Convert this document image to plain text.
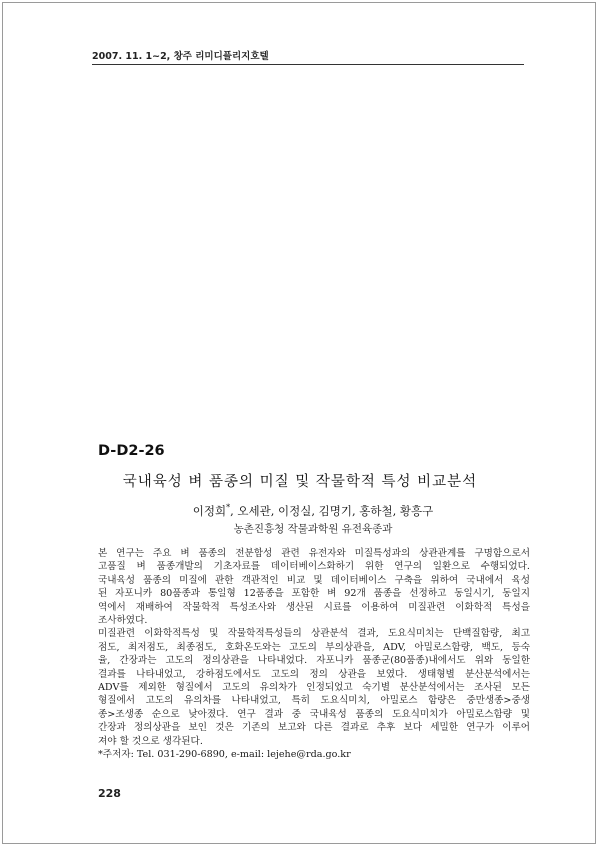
2007. 11. 1~2, 창주 리미디플리지호텔
D-D2-26
국내육성 벼 품종의 미질 및 작물학적 특성 비교분석
이정희*, 오세관, 이정실, 김명기, 홍하철, 황흥구
농촌진흥청 작물과학원 유전육종과
본 연구는 주요 벼 품종의 전분합성 관련 유전자와 미질특성과의 상관관계를 구명함으로서
고품질 벼 품종개발의 기초자료를 데이터베이스화하기 위한 연구의 일환으로 수행되었다.
국내육성 품종의 미질에 관한 객관적인 비교 및 데이터베이스 구축을 위하여 국내에서 육성
된 자포니카 80품종과 통일형 12품종을 포함한 벼 92개 품종을 선정하고 동일시기, 동일지
역에서 재배하여 작물학적 특성조사와 생산된 시료를 이용하여 미질관련 이화학적 특성을
조사하였다.
미질관련 이화학적특성 및 작물학적특성들의 상관분석 결과, 도요식미치는 단백질함량, 최고
점도, 최저점도, 최종점도, 호화온도와는 고도의 부의상관을, ADV, 아밀로스함량, 백도, 등숙
율, 간장과는 고도의 정의상관을 나타내었다. 자포니카 품종군(80품종)내에서도 위와 동일한
결과를 나타내었고, 강하점도에서도 고도의 정의 상관을 보였다. 생태형별 분산분석에서는
ADV를 제외한 형질에서 고도의 유의차가 인정되었고 숙기별 분산분석에서는 조사된 모든
형질에서 고도의 유의차를 나타내었고, 특히 도요식미치, 아밀로스 함량은 중만생종>중생
종>조생종 순으로 낮아졌다. 연구 결과 중 국내육성 품종의 도요식미치가 아밀로스함량 및
간장과 정의상관을 보인 것은 기존의 보고와 다른 결과로 추후 보다 세밀한 연구가 이루어
져야 할 것으로 생각된다.
*주저자: Tel. 031-290-6890, e-mail: lejehe@rda.go.kr
228
